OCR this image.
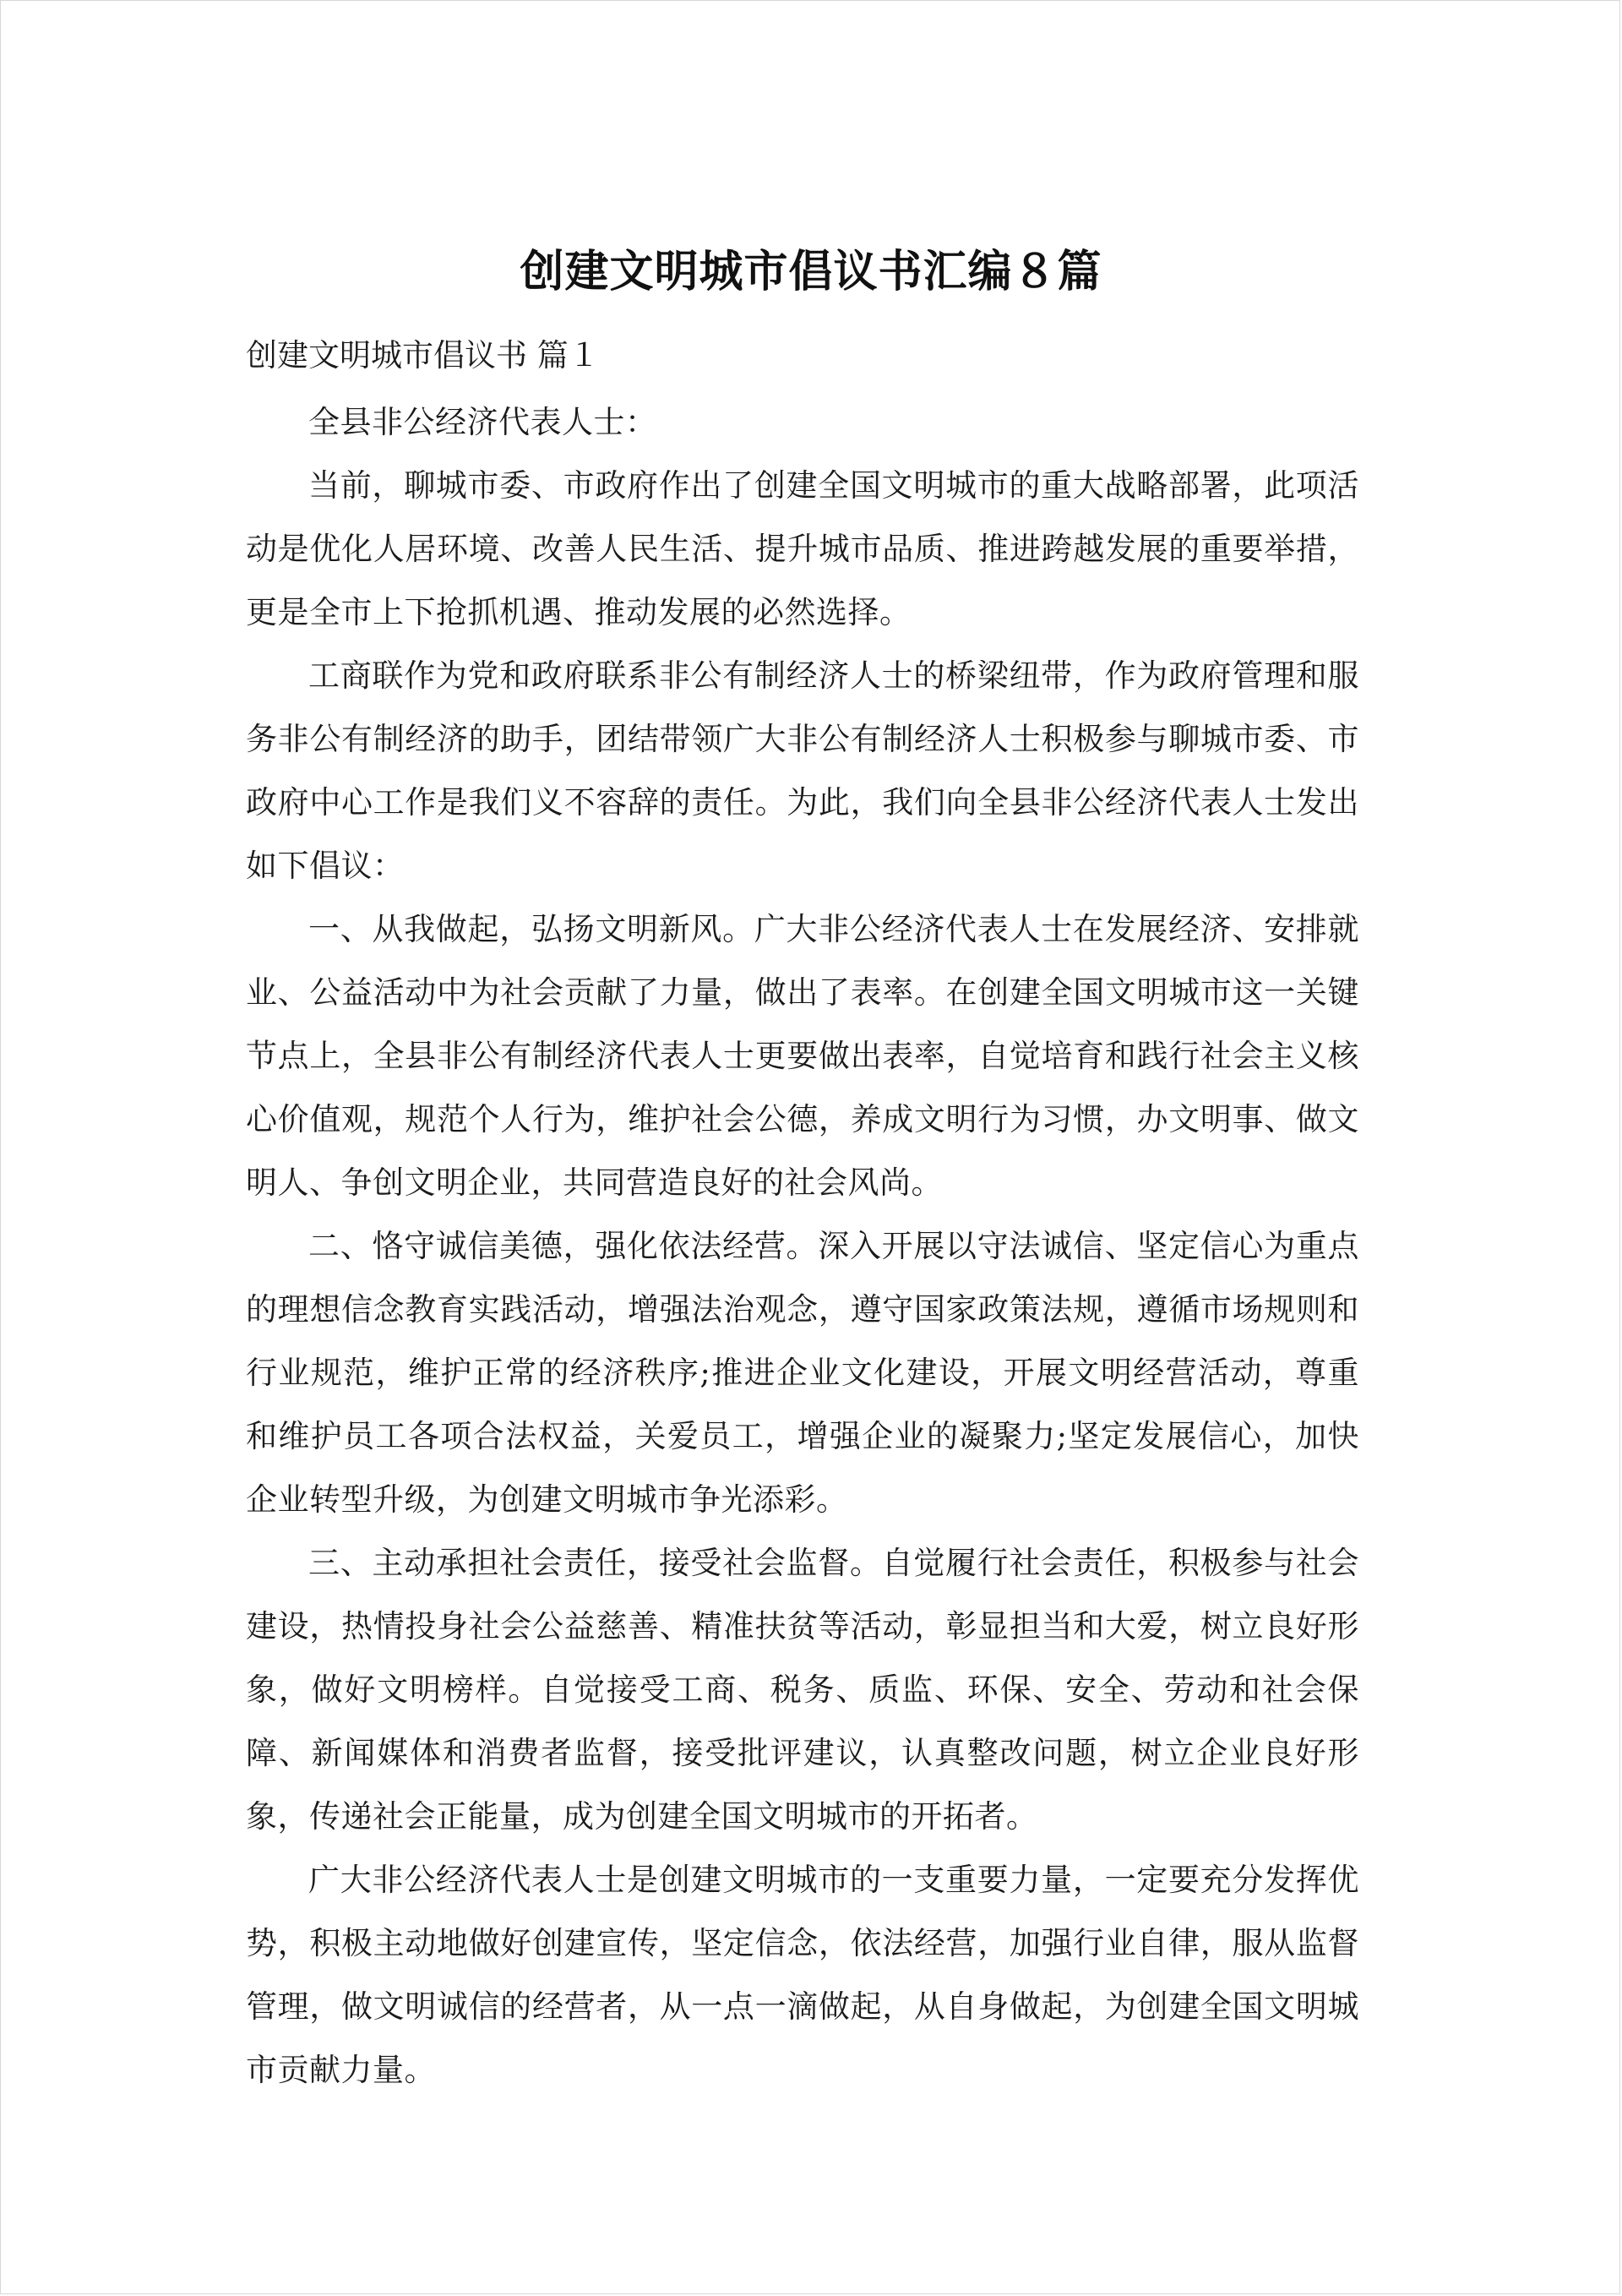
创建文明城市倡议书汇编８篇

创建文明城市倡议书 篇１

全县非公经济代表人士：

当前，聊城市委、市政府作出了创建全国文明城市的重大战略部署，此项活动是优化人居环境、改善人民生活、提升城市品质、推进跨越发展的重要举措，更是全市上下抢抓机遇、推动发展的必然选择。

工商联作为党和政府联系非公有制经济人士的桥梁纽带，作为政府管理和服务非公有制经济的助手，团结带领广大非公有制经济人士积极参与聊城市委、市政府中心工作是我们义不容辞的责任。为此，我们向全县非公经济代表人士发出如下倡议：

一、从我做起，弘扬文明新风。广大非公经济代表人士在发展经济、安排就业、公益活动中为社会贡献了力量，做出了表率。在创建全国文明城市这一关键节点上，全县非公有制经济代表人士更要做出表率，自觉培育和践行社会主义核心价值观，规范个人行为，维护社会公德，养成文明行为习惯，办文明事、做文明人、争创文明企业，共同营造良好的社会风尚。

二、恪守诚信美德，强化依法经营。深入开展以守法诚信、坚定信心为重点的理想信念教育实践活动，增强法治观念，遵守国家政策法规，遵循市场规则和行业规范，维护正常的经济秩序;推进企业文化建设，开展文明经营活动，尊重和维护员工各项合法权益，关爱员工，增强企业的凝聚力;坚定发展信心，加快企业转型升级，为创建文明城市争光添彩。

三、主动承担社会责任，接受社会监督。自觉履行社会责任，积极参与社会建设，热情投身社会公益慈善、精准扶贫等活动，彰显担当和大爱，树立良好形象，做好文明榜样。自觉接受工商、税务、质监、环保、安全、劳动和社会保障、新闻媒体和消费者监督，接受批评建议，认真整改问题，树立企业良好形象，传递社会正能量，成为创建全国文明城市的开拓者。

广大非公经济代表人士是创建文明城市的一支重要力量，一定要充分发挥优势，积极主动地做好创建宣传，坚定信念，依法经营，加强行业自律，服从监督管理，做文明诚信的经营者，从一点一滴做起，从自身做起，为创建全国文明城市贡献力量。
